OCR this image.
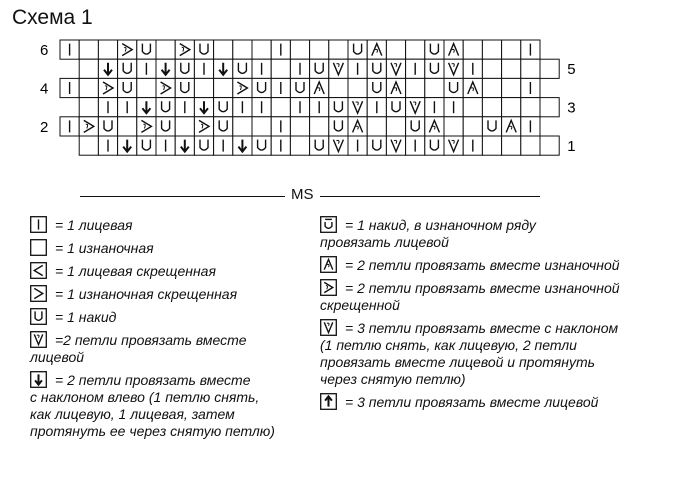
Схема 1
6
5
4
3
2
1
MS
= 1 лицевая
= 1 изнаночная
= 1 лицевая скрещенная
= 1 изнаночная скрещенная
= 1 накид
=2 петли провязать вместе
лицевой
= 2 петли провязать вместе
с наклоном влево (1 петлю снять,
как лицевую, 1 лицевая, затем
протянуть ее через снятую петлю)
= 1 накид, в изнаночном ряду
провязать лицевой
= 2 петли провязать вместе изнаночной
= 2 петли провязать вместе изнаночной
скрещенной
= 3 петли провязать вместе с наклоном
(1 петлю снять, как лицевую, 2 петли
провязать вместе лицевой и протянуть
через снятую петлю)
= 3 петли провязать вместе лицевой
